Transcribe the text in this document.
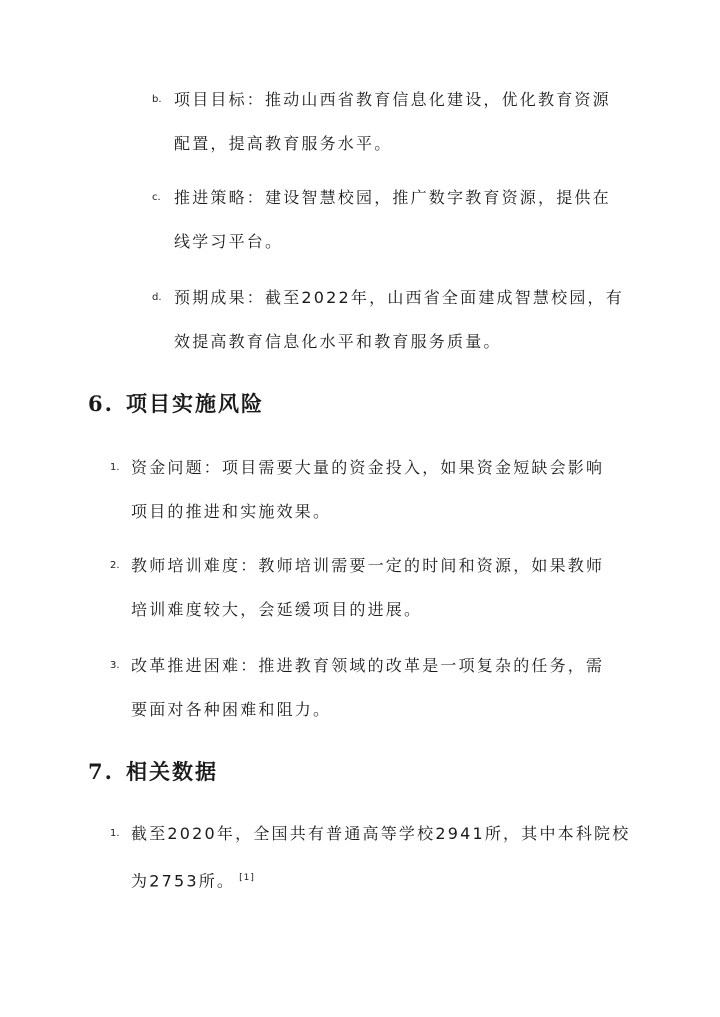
b. 项目目标：推动山西省教育信息化建设，优化教育资源
配置，提高教育服务水平。
c. 推进策略：建设智慧校园，推广数字教育资源，提供在
线学习平台。
d. 预期成果：截至2022年，山西省全面建成智慧校园，有
效提高教育信息化水平和教育服务质量。
6. 项目实施风险
1. 资金问题：项目需要大量的资金投入，如果资金短缺会影响
项目的推进和实施效果。
2. 教师培训难度：教师培训需要一定的时间和资源，如果教师
培训难度较大，会延缓项目的进展。
3. 改革推进困难：推进教育领域的改革是一项复杂的任务，需
要面对各种困难和阻力。
7. 相关数据
1. 截至2020年，全国共有普通高等学校2941所，其中本科院校
为2753所。 [1]
